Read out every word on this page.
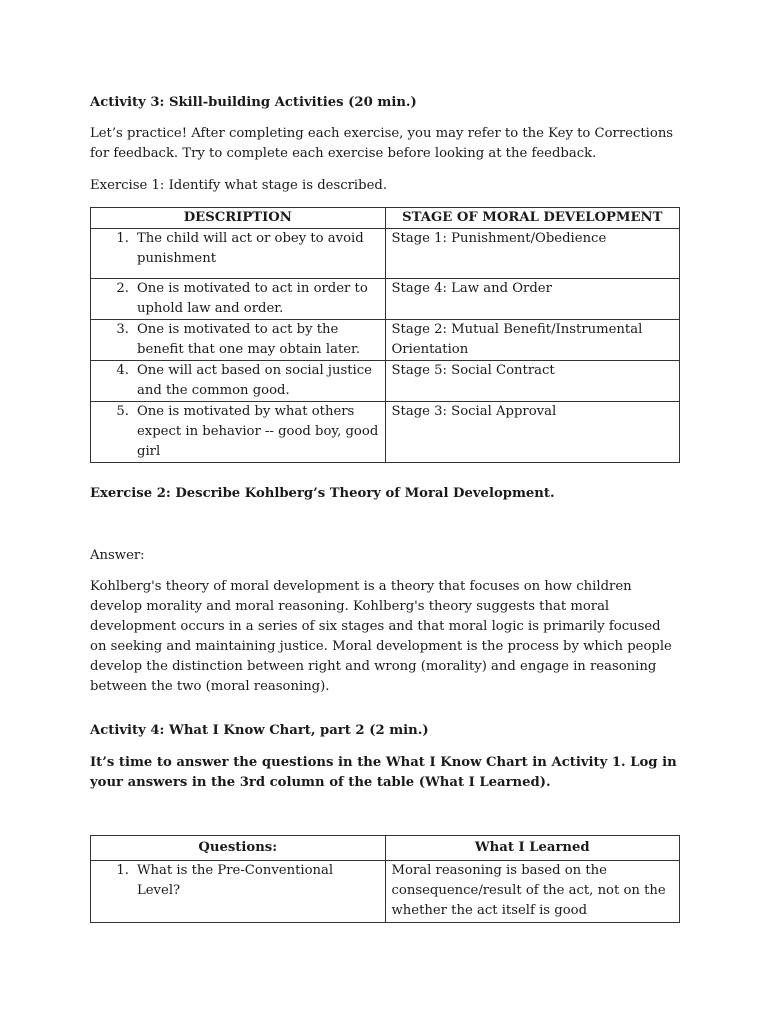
Activity 3: Skill-building Activities (20 min.)

Let’s practice! After completing each exercise, you may refer to the Key to Corrections for feedback. Try to complete each exercise before looking at the feedback.

Exercise 1: Identify what stage is described.

DESCRIPTION	STAGE OF MORAL DEVELOPMENT

1. The child will act or obey to avoid punishment	Stage 1: Punishment/Obedience

2. One is motivated to act in order to uphold law and order.	Stage 4: Law and Order

3. One is motivated to act by the benefit that one may obtain later.	Stage 2: Mutual Benefit/Instrumental Orientation

4. One will act based on social justice and the common good.	Stage 5: Social Contract

5. One is motivated by what others expect in behavior -- good boy, good girl	Stage 3: Social Approval

Exercise 2: Describe Kohlberg’s Theory of Moral Development.

Answer:

Kohlberg's theory of moral development is a theory that focuses on how children develop morality and moral reasoning. Kohlberg's theory suggests that moral development occurs in a series of six stages and that moral logic is primarily focused on seeking and maintaining justice. Moral development is the process by which people develop the distinction between right and wrong (morality) and engage in reasoning between the two (moral reasoning).

Activity 4: What I Know Chart, part 2 (2 min.)

It’s time to answer the questions in the What I Know Chart in Activity 1. Log in your answers in the 3rd column of the table (What I Learned).

Questions:	What I Learned

1. What is the Pre-Conventional Level?	Moral reasoning is based on the consequence/result of the act, not on the whether the act itself is good
